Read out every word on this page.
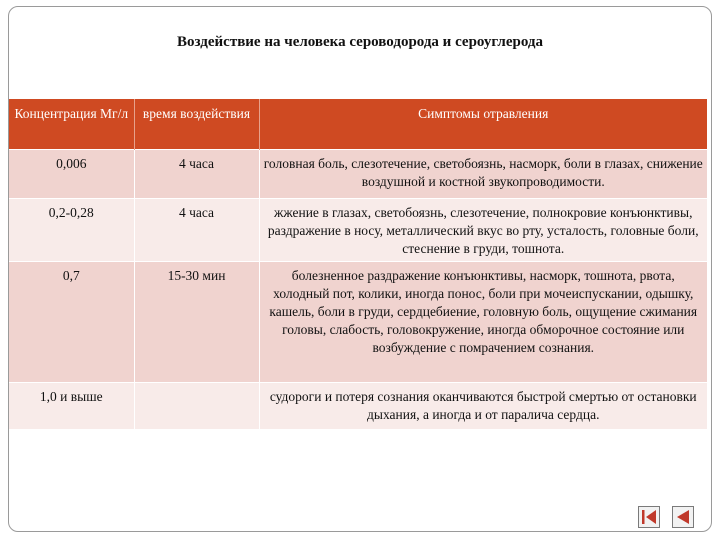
Воздействие на человека сероводорода и сероуглерода
Концентрация Мг/л	время воздействия	Симптомы отравления
0,006	4 часа	головная боль, слезотечение, светобоязнь, насморк, боли в глазах, снижение воздушной и костной звукопроводимости.
0,2-0,28	4 часа	жжение в глазах, светобоязнь, слезотечение, полнокровие конъюнктивы, раздражение в носу, металлический вкус во рту, усталость, головные боли, стеснение в груди, тошнота.
0,7	15-30 мин	болезненное раздражение конъюнктивы, насморк, тошнота, рвота, холодный пот, колики, иногда понос, боли при мочеиспускании, одышку, кашель, боли в груди, сердцебиение, головную боль, ощущение сжимания головы, слабость, головокружение, иногда обморочное состояние или возбуждение с помрачением сознания.
1,0 и выше		судороги и потеря сознания оканчиваются быстрой смертью от остановки дыхания, а иногда и от паралича сердца.
